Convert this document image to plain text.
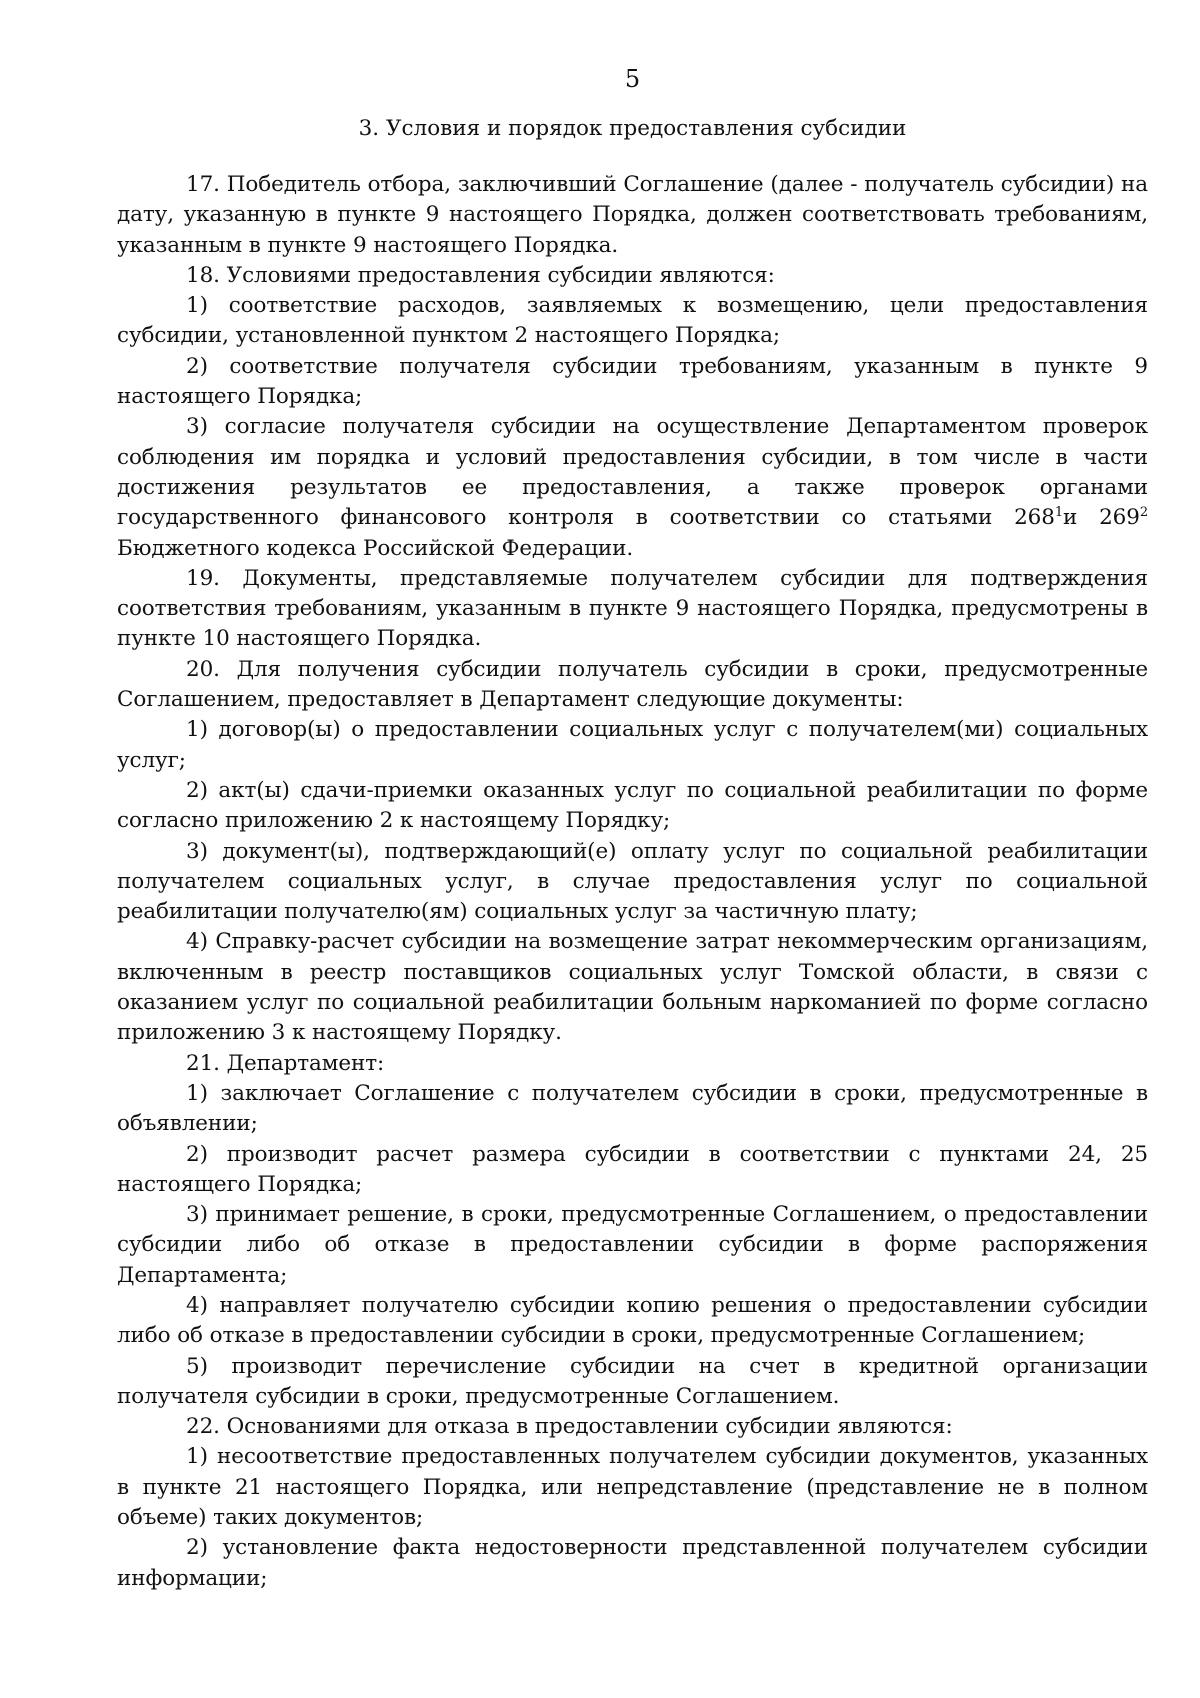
5
3. Условия и порядок предоставления субсидии

17. Победитель отбора, заключивший Соглашение (далее - получатель субсидии) на дату, указанную в пункте 9 настоящего Порядка, должен соответствовать требованиям, указанным в пункте 9 настоящего Порядка.

18. Условиями предоставления субсидии являются:

1) соответствие расходов, заявляемых к возмещению, цели предоставления субсидии, установленной пунктом 2 настоящего Порядка;

2) соответствие получателя субсидии требованиям, указанным в пункте 9 настоящего Порядка;

3) согласие получателя субсидии на осуществление Департаментом проверок соблюдения им порядка и условий предоставления субсидии, в том числе в части достижения результатов ее предоставления, а также проверок органами государственного финансового контроля в соответствии со статьями $268^1и$ $269^2$ Бюджетного кодекса Российской Федерации.

19. Документы, представляемые получателем субсидии для подтверждения соответствия требованиям, указанным в пункте 9 настоящего Порядка, предусмотрены в пункте 10 настоящего Порядка.

20. Для получения субсидии получатель субсидии в сроки, предусмотренные Соглашением, предоставляет в Департамент следующие документы:

1) договор(ы) о предоставлении социальных услуг с получателем(ми) социальных услуг;

2) акт(ы) сдачи-приемки оказанных услуг по социальной реабилитации по форме согласно приложению 2 к настоящему Порядку;

3) документ(ы), подтверждающий(е) оплату услуг по социальной реабилитации получателем социальных услуг, в случае предоставления услуг по социальной реабилитации получателю(ям) социальных услуг за частичную плату;

4) Справку-расчет субсидии на возмещение затрат некоммерческим организациям, включенным в реестр поставщиков социальных услуг Томской области, в связи с оказанием услуг по социальной реабилитации больным наркоманией по форме согласно приложению 3 к настоящему Порядку.

21. Департамент:

1) заключает Соглашение с получателем субсидии в сроки, предусмотренные в объявлении;

2) производит расчет размера субсидии в соответствии с пунктами 24, 25 настоящего Порядка;

3) принимает решение, в сроки, предусмотренные Соглашением, о предоставлении субсидии либо об отказе в предоставлении субсидии в форме распоряжения Департамента;

4) направляет получателю субсидии копию решения о предоставлении субсидии либо об отказе в предоставлении субсидии в сроки, предусмотренные Соглашением;

5) производит перечисление субсидии на счет в кредитной организации получателя субсидии в сроки, предусмотренные Соглашением.

22. Основаниями для отказа в предоставлении субсидии являются:

1) несоответствие предоставленных получателем субсидии документов, указанных в пункте 21 настоящего Порядка, или непредставление (представление не в полном объеме) таких документов;

2) установление факта недостоверности представленной получателем субсидии информации;
